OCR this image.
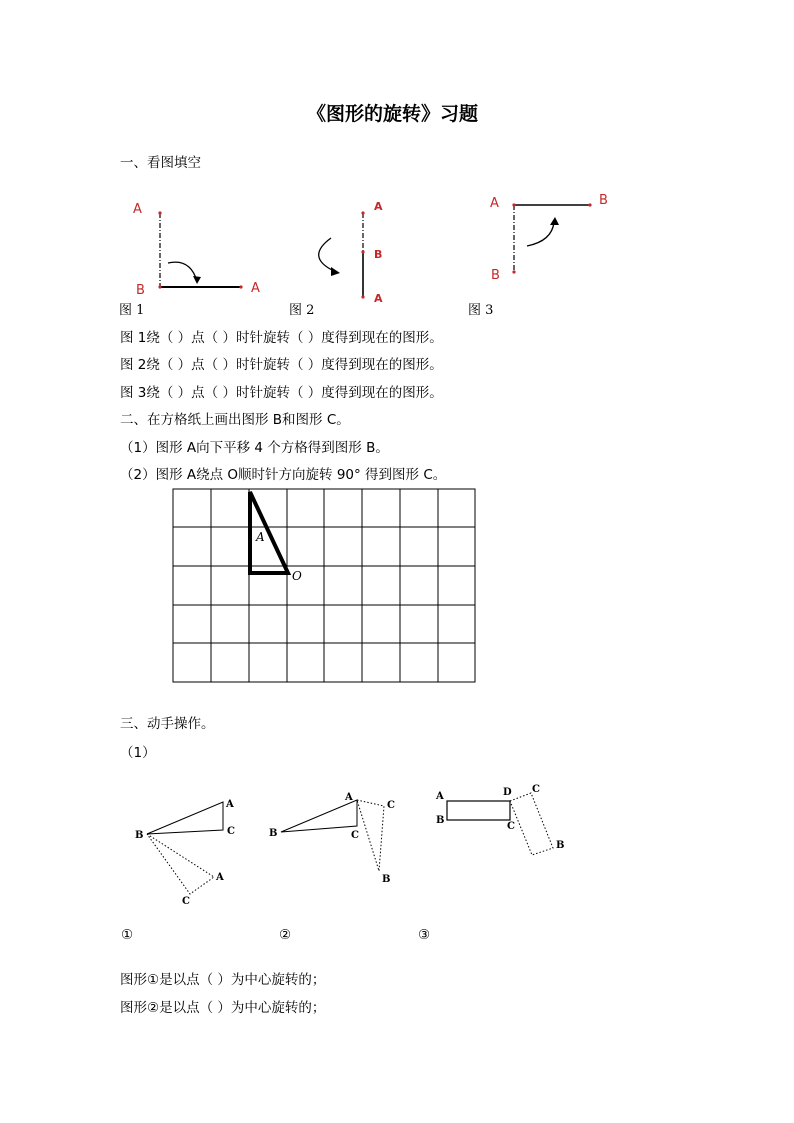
《图形的旋转》习题
一、看图填空
A
B	A
A
B
A
A	B
B
图 1	图 2	图 3
图 1绕（ ）点（ ）时针旋转（ ）度得到现在的图形。
图 2绕（ ）点（ ）时针旋转（ ）度得到现在的图形。
图 3绕（ ）点（ ）时针旋转（ ）度得到现在的图形。
二、在方格纸上画出图形 B和图形 C。
（1）图形 A向下平移 4 个方格得到图形 B。
（2）图形 A绕点 O顺时针方向旋转 90° 得到图形 C。
A
O
三、动手操作。
（1）
A
B	C
A
C
A
B	C
C
B
A
B
D
C
C
B
①	②	③
图形①是以点（ ）为中心旋转的；
图形②是以点（ ）为中心旋转的；
